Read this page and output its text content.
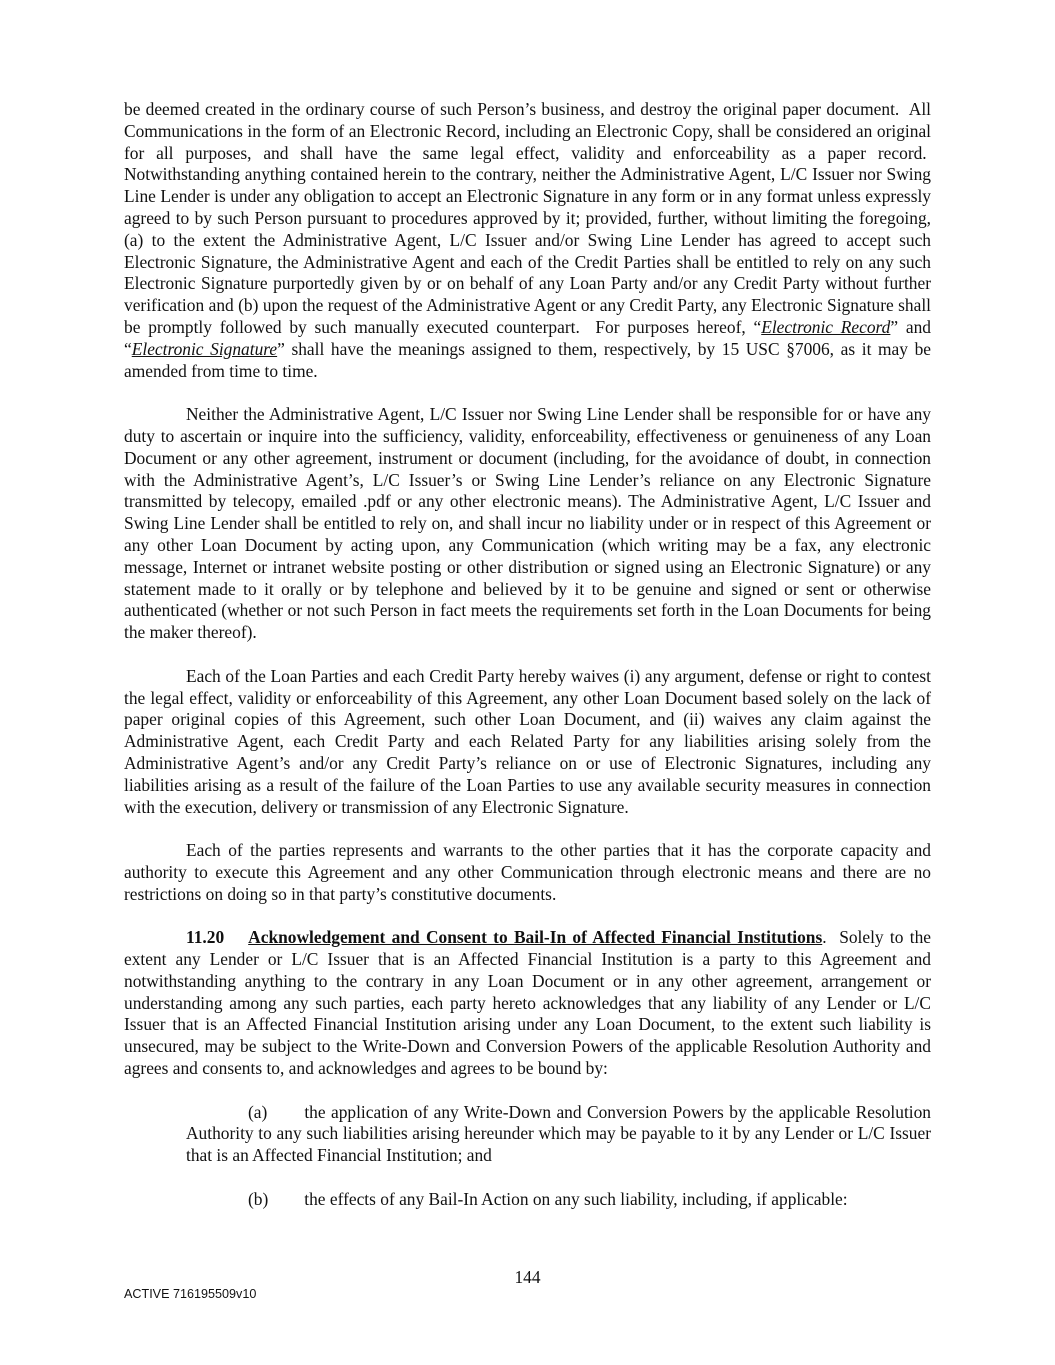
be deemed created in the ordinary course of such Person’s business, and destroy the original paper document.  All Communications in the form of an Electronic Record, including an Electronic Copy, shall be considered an original for all purposes, and shall have the same legal effect, validity and enforceability as a paper record.  Notwithstanding anything contained herein to the contrary, neither the Administrative Agent, L/C Issuer nor Swing Line Lender is under any obligation to accept an Electronic Signature in any form or in any format unless expressly agreed to by such Person pursuant to procedures approved by it; provided, further, without limiting the foregoing, (a) to the extent the Administrative Agent, L/C Issuer and/or Swing Line Lender has agreed to accept such Electronic Signature, the Administrative Agent and each of the Credit Parties shall be entitled to rely on any such Electronic Signature purportedly given by or on behalf of any Loan Party and/or any Credit Party without further verification and (b) upon the request of the Administrative Agent or any Credit Party, any Electronic Signature shall be promptly followed by such manually executed counterpart.  For purposes hereof, “Electronic Record” and “Electronic Signature” shall have the meanings assigned to them, respectively, by 15 USC §7006, as it may be amended from time to time.

Neither the Administrative Agent, L/C Issuer nor Swing Line Lender shall be responsible for or have any duty to ascertain or inquire into the sufficiency, validity, enforceability, effectiveness or genuineness of any Loan Document or any other agreement, instrument or document (including, for the avoidance of doubt, in connection with the Administrative Agent’s, L/C Issuer’s or Swing Line Lender’s reliance on any Electronic Signature transmitted by telecopy, emailed .pdf or any other electronic means). The Administrative Agent, L/C Issuer and Swing Line Lender shall be entitled to rely on, and shall incur no liability under or in respect of this Agreement or any other Loan Document by acting upon, any Communication (which writing may be a fax, any electronic message, Internet or intranet website posting or other distribution or signed using an Electronic Signature) or any statement made to it orally or by telephone and believed by it to be genuine and signed or sent or otherwise authenticated (whether or not such Person in fact meets the requirements set forth in the Loan Documents for being the maker thereof).

Each of the Loan Parties and each Credit Party hereby waives (i) any argument, defense or right to contest the legal effect, validity or enforceability of this Agreement, any other Loan Document based solely on the lack of paper original copies of this Agreement, such other Loan Document, and (ii) waives any claim against the Administrative Agent, each Credit Party and each Related Party for any liabilities arising solely from the Administrative Agent’s and/or any Credit Party’s reliance on or use of Electronic Signatures, including any liabilities arising as a result of the failure of the Loan Parties to use any available security measures in connection with the execution, delivery or transmission of any Electronic Signature.

Each of the parties represents and warrants to the other parties that it has the corporate capacity and authority to execute this Agreement and any other Communication through electronic means and there are no restrictions on doing so in that party’s constitutive documents.

11.20 Acknowledgement and Consent to Bail-In of Affected Financial Institutions.  Solely to the extent any Lender or L/C Issuer that is an Affected Financial Institution is a party to this Agreement and notwithstanding anything to the contrary in any Loan Document or in any other agreement, arrangement or understanding among any such parties, each party hereto acknowledges that any liability of any Lender or L/C Issuer that is an Affected Financial Institution arising under any Loan Document, to the extent such liability is unsecured, may be subject to the Write-Down and Conversion Powers of the applicable Resolution Authority and agrees and consents to, and acknowledges and agrees to be bound by:

(a) the application of any Write-Down and Conversion Powers by the applicable Resolution Authority to any such liabilities arising hereunder which may be payable to it by any Lender or L/C Issuer that is an Affected Financial Institution; and

(b) the effects of any Bail-In Action on any such liability, including, if applicable:

144
ACTIVE 716195509v10
